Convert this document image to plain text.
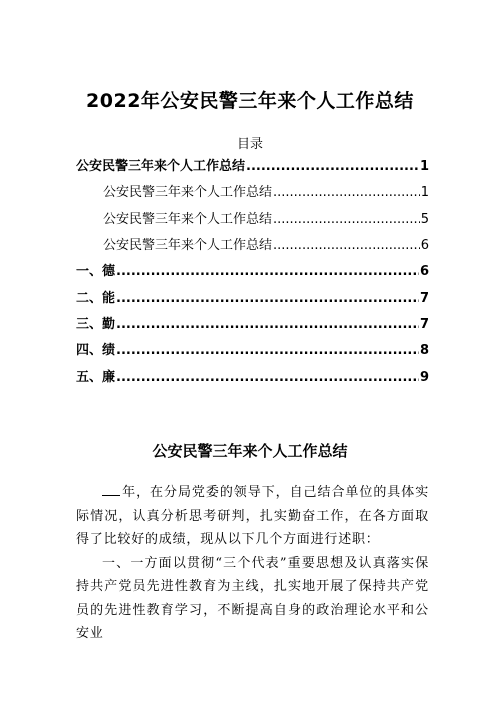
2022年公安民警三年来个人工作总结
目录
公安民警三年来个人工作总结 .....	1
公安民警三年来个人工作总结 .....	1
公安民警三年来个人工作总结 .....	5
公安民警三年来个人工作总结 .....	6
一、德 .....	6
二、能 .....	7
三、勤 .....	7
四、绩 .....	8
五、廉 .....	9
公安民警三年来个人工作总结

年，在分局党委的领导下，自己结合单位的具体实际情况，认真分析思考研判，扎实勤奋工作，在各方面取得了比较好的成绩，现从以下几个方面进行述职：

一、一方面以贯彻“三个代表”重要思想及认真落实保持共产党员先进性教育为主线，扎实地开展了保持共产党员的先进性教育学习，不断提高自身的政治理论水平和公安业
